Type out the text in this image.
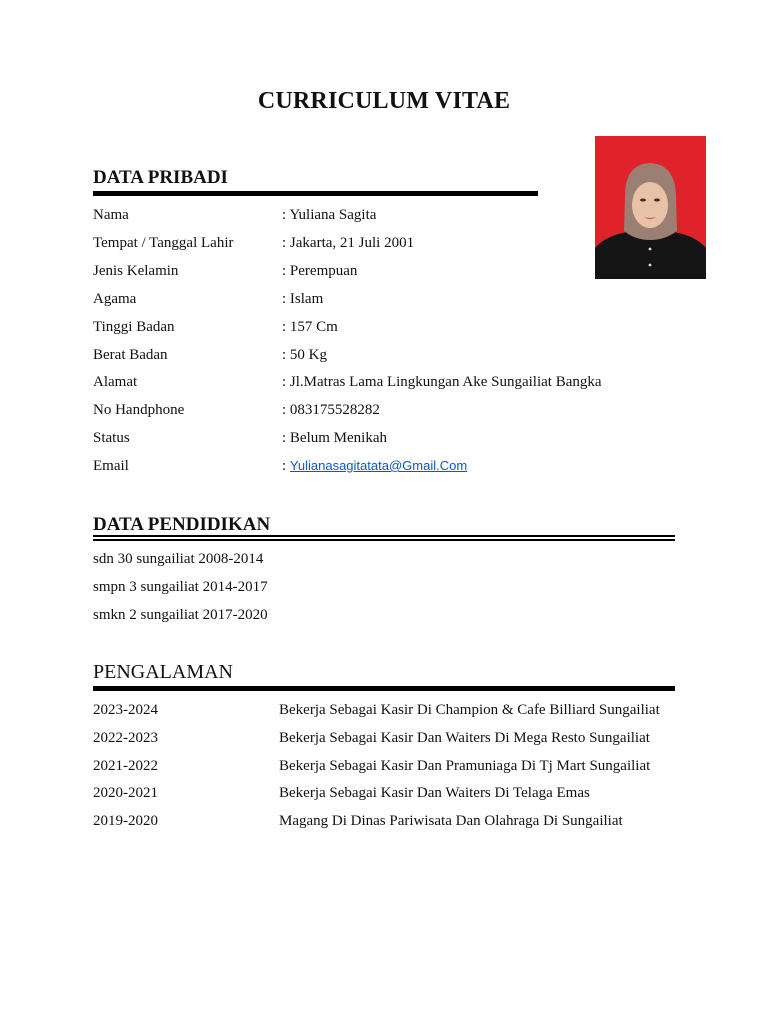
CURRICULUM VITAE
DATA PRIBADI
Nama	: Yuliana Sagita
Tempat / Tanggal Lahir	: Jakarta, 21 Juli 2001
Jenis Kelamin	: Perempuan
Agama	: Islam
Tinggi Badan	: 157 Cm
Berat Badan	: 50 Kg
Alamat	: Jl.Matras Lama Lingkungan Ake Sungailiat Bangka
No Handphone	: 083175528282
Status	: Belum Menikah
Email	: Yulianasagitatata@Gmail.Com
DATA PENDIDIKAN
sdn 30 sungailiat 2008-2014
smpn 3 sungailiat 2014-2017
smkn 2 sungailiat 2017-2020
PENGALAMAN
2023-2024	Bekerja Sebagai Kasir Di Champion & Cafe Billiard Sungailiat
2022-2023	Bekerja Sebagai Kasir Dan Waiters Di Mega Resto Sungailiat
2021-2022	Bekerja Sebagai Kasir Dan Pramuniaga Di Tj Mart Sungailiat
2020-2021	Bekerja Sebagai Kasir Dan Waiters Di Telaga Emas
2019-2020	Magang Di Dinas Pariwisata Dan Olahraga Di Sungailiat
